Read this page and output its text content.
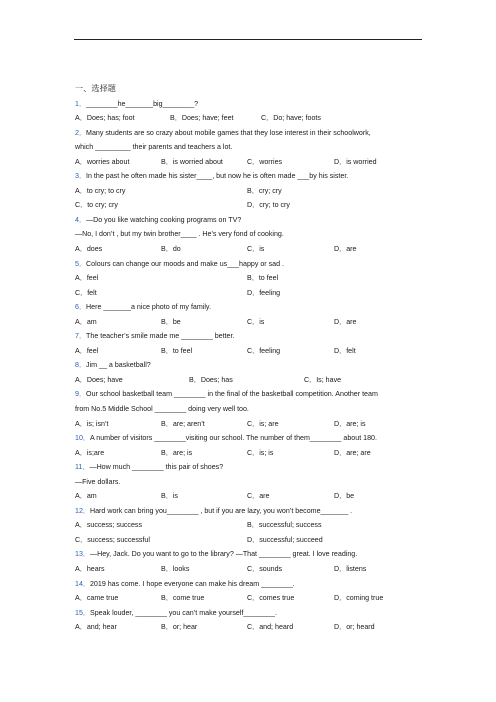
一、选择题
1．________he_______big________?
A．Does; has; foot	B．Does; have; feet	C．Do; have; foots
2．Many students are so crazy about mobile games that they lose interest in their schoolwork,
which _________ their parents and teachers a lot.
A．worries about	B．is worried about	C．worries	D．is worried
3．In the past he often made his sister____, but now he is often made ___by his sister.
A．to cry; to cry	B．cry; cry
C．to cry; cry	D．cry; to cry
4．—Do you like watching cooking programs on TV?
—No, I don’t , but my twin brother____ . He’s very fond of cooking.
A．does	B．do	C．is	D．are
5．Colours can change our moods and make us___happy or sad .
A．feel	B．to feel
C．felt	D．feeling
6．Here _______a nice photo of my family.
A．am	B．be	C．is	D．are
7．The teacher’s smile made me ________ better.
A．feel	B．to feel	C．feeling	D．felt
8．Jim __ a basketball?
A．Does; have	B．Does; has	C．Is; have
9．Our school basketball team ________ in the final of the basketball competition. Another team
from No.5 Middle School ________ doing very well too.
A．is; isn’t	B．are; aren’t	C．is; are	D．are; is
10．A number of visitors ________visiting our school. The number of them________ about 180.
A．is;are	B．are; is	C．is; is	D．are; are
11．—How much ________ this pair of shoes?
—Five dollars.
A．am	B．is	C．are	D．be
12．Hard work can bring you________ , but if you are lazy, you won’t become_______ .
A．success; success	B．successful; success
C．success; successful	D．successful; succeed
13．—Hey, Jack. Do you want to go to the library? —That ________ great. I love reading.
A．hears	B．looks	C．sounds	D．listens
14．2019 has come. I hope everyone can make his dream ________.
A．came true	B．come true	C．comes true	D．coming true
15．Speak louder, ________ you can’t make yourself________.
A．and; hear	B．or; hear	C．and; heard	D．or; heard
